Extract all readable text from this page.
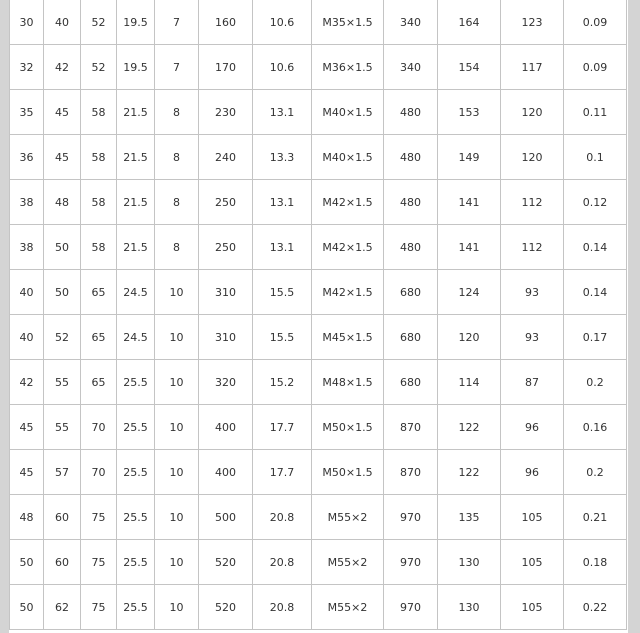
30	40	52	19.5	7	160	10.6	M35×1.5	340	164	123	0.09
32	42	52	19.5	7	170	10.6	M36×1.5	340	154	117	0.09
35	45	58	21.5	8	230	13.1	M40×1.5	480	153	120	0.11
36	45	58	21.5	8	240	13.3	M40×1.5	480	149	120	0.1
38	48	58	21.5	8	250	13.1	M42×1.5	480	141	112	0.12
38	50	58	21.5	8	250	13.1	M42×1.5	480	141	112	0.14
40	50	65	24.5	10	310	15.5	M42×1.5	680	124	93	0.14
40	52	65	24.5	10	310	15.5	M45×1.5	680	120	93	0.17
42	55	65	25.5	10	320	15.2	M48×1.5	680	114	87	0.2
45	55	70	25.5	10	400	17.7	M50×1.5	870	122	96	0.16
45	57	70	25.5	10	400	17.7	M50×1.5	870	122	96	0.2
48	60	75	25.5	10	500	20.8	M55×2	970	135	105	0.21
50	60	75	25.5	10	520	20.8	M55×2	970	130	105	0.18
50	62	75	25.5	10	520	20.8	M55×2	970	130	105	0.22
